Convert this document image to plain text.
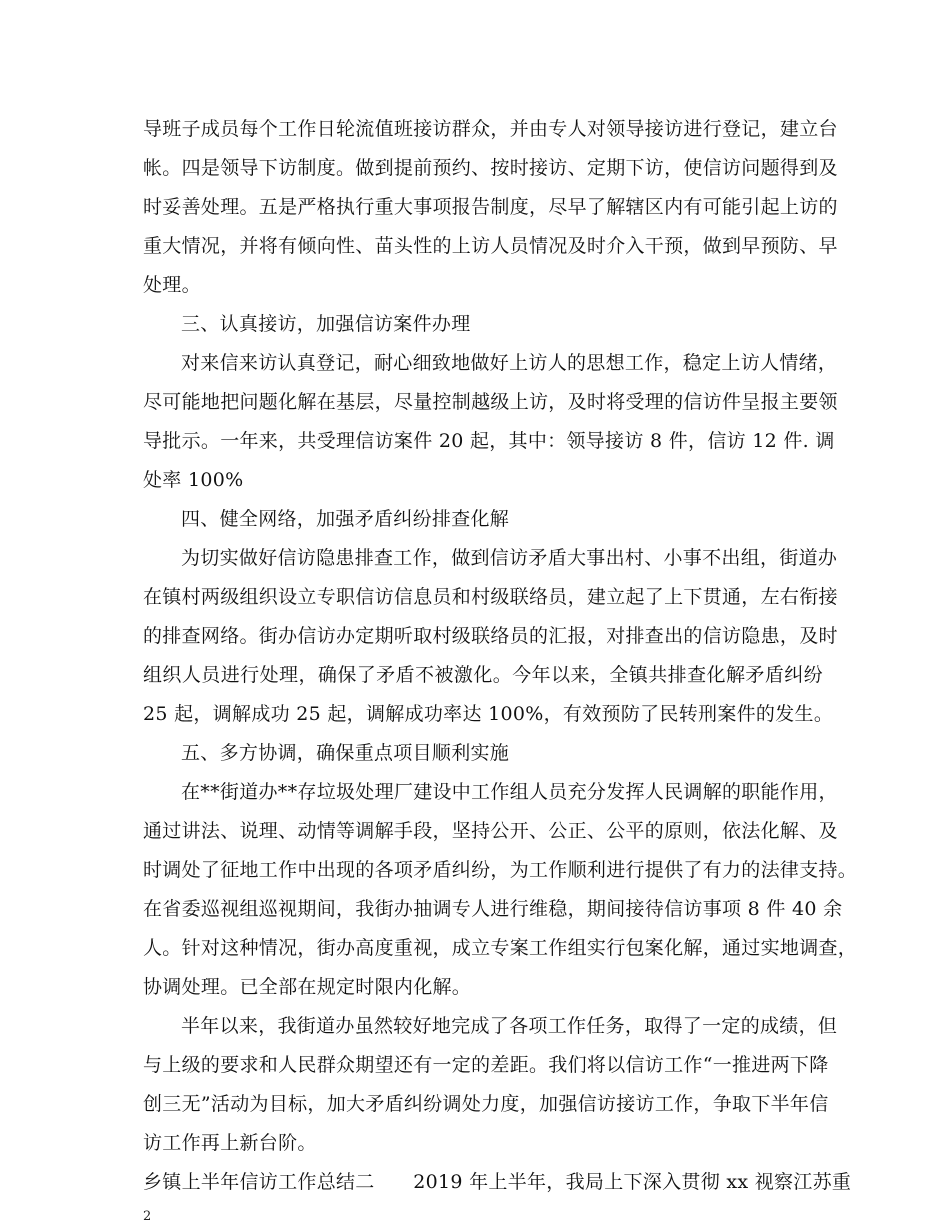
导班子成员每个工作日轮流值班接访群众，并由专人对领导接访进行登记，建立台
帐。四是领导下访制度。做到提前预约、按时接访、定期下访，使信访问题得到及
时妥善处理。五是严格执行重大事项报告制度，尽早了解辖区内有可能引起上访的
重大情况，并将有倾向性、苗头性的上访人员情况及时介入干预，做到早预防、早
处理。
三、认真接访，加强信访案件办理
对来信来访认真登记，耐心细致地做好上访人的思想工作，稳定上访人情绪，
尽可能地把问题化解在基层，尽量控制越级上访，及时将受理的信访件呈报主要领
导批示。一年来，共受理信访案件 20 起，其中：领导接访 8 件，信访 12 件. 调
处率 100%
四、健全网络，加强矛盾纠纷排查化解
为切实做好信访隐患排查工作，做到信访矛盾大事出村、小事不出组，街道办
在镇村两级组织设立专职信访信息员和村级联络员，建立起了上下贯通，左右衔接
的排查网络。街办信访办定期听取村级联络员的汇报，对排查出的信访隐患，及时
组织人员进行处理，确保了矛盾不被激化。今年以来，全镇共排查化解矛盾纠纷
25 起，调解成功 25 起，调解成功率达 100%，有效预防了民转刑案件的发生。
五、多方协调，确保重点项目顺利实施
在**街道办**存垃圾处理厂建设中工作组人员充分发挥人民调解的职能作用，
通过讲法、说理、动情等调解手段，坚持公开、公正、公平的原则，依法化解、及
时调处了征地工作中出现的各项矛盾纠纷，为工作顺利进行提供了有力的法律支持。
在省委巡视组巡视期间，我街办抽调专人进行维稳，期间接待信访事项 8 件 40 余
人。针对这种情况，街办高度重视，成立专案工作组实行包案化解，通过实地调查，
协调处理。已全部在规定时限内化解。
半年以来，我街道办虽然较好地完成了各项工作任务，取得了一定的成绩，但
与上级的要求和人民群众期望还有一定的差距。我们将以信访工作“一推进两下降
创三无”活动为目标，加大矛盾纠纷调处力度，加强信访接访工作，争取下半年信
访工作再上新台阶。
乡镇上半年信访工作总结二　　2019 年上半年，我局上下深入贯彻 xx 视察江苏重
2
